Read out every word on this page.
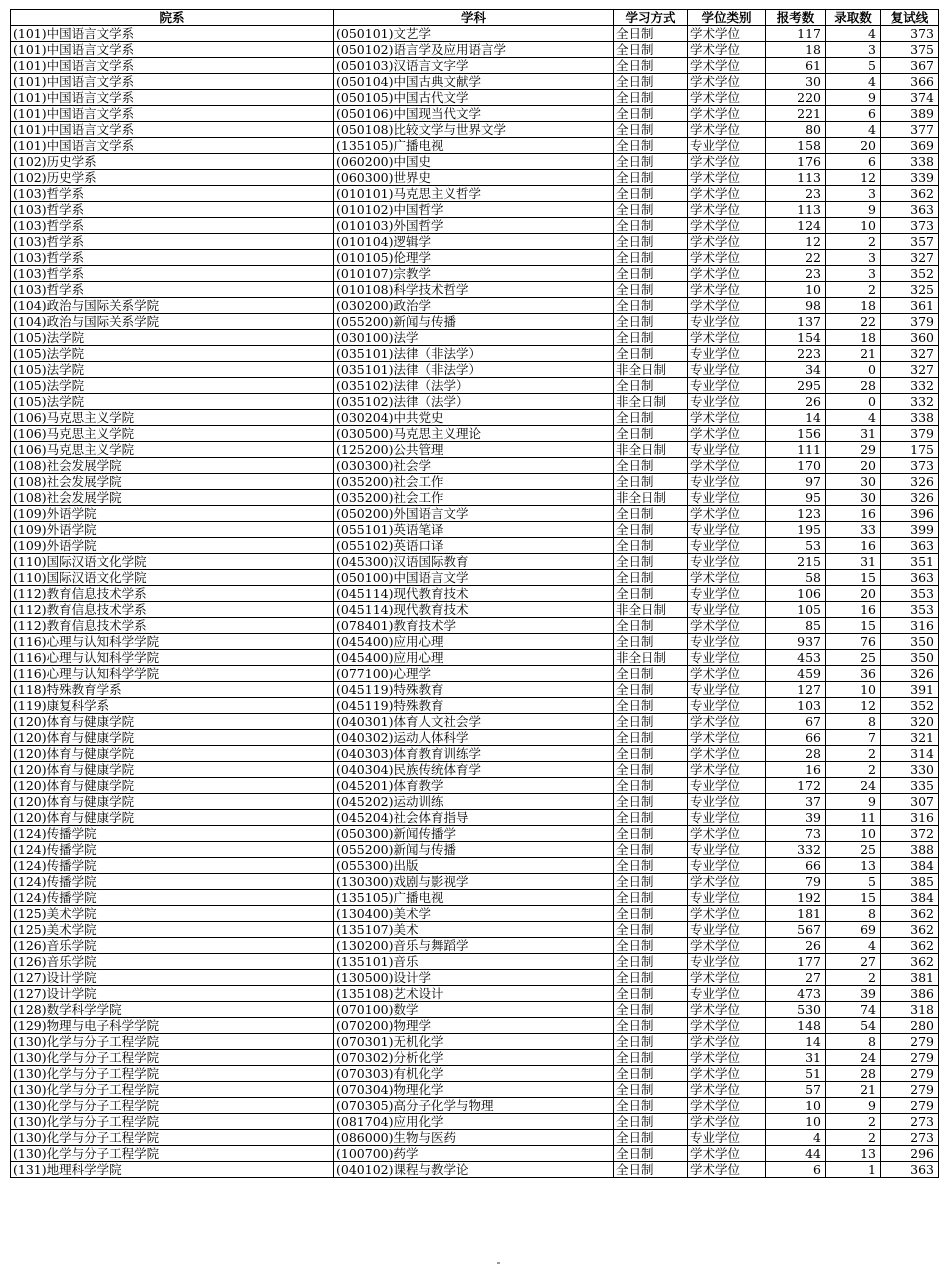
院系	学科	学习方式	学位类别	报考数	录取数	复试线
(101)中国语言文学系	(050101)文艺学	全日制	学术学位	117	4	373
(101)中国语言文学系	(050102)语言学及应用语言学	全日制	学术学位	18	3	375
(101)中国语言文学系	(050103)汉语言文字学	全日制	学术学位	61	5	367
(101)中国语言文学系	(050104)中国古典文献学	全日制	学术学位	30	4	366
(101)中国语言文学系	(050105)中国古代文学	全日制	学术学位	220	9	374
(101)中国语言文学系	(050106)中国现当代文学	全日制	学术学位	221	6	389
(101)中国语言文学系	(050108)比较文学与世界文学	全日制	学术学位	80	4	377
(101)中国语言文学系	(135105)广播电视	全日制	专业学位	158	20	369
(102)历史学系	(060200)中国史	全日制	学术学位	176	6	338
(102)历史学系	(060300)世界史	全日制	学术学位	113	12	339
(103)哲学系	(010101)马克思主义哲学	全日制	学术学位	23	3	362
(103)哲学系	(010102)中国哲学	全日制	学术学位	113	9	363
(103)哲学系	(010103)外国哲学	全日制	学术学位	124	10	373
(103)哲学系	(010104)逻辑学	全日制	学术学位	12	2	357
(103)哲学系	(010105)伦理学	全日制	学术学位	22	3	327
(103)哲学系	(010107)宗教学	全日制	学术学位	23	3	352
(103)哲学系	(010108)科学技术哲学	全日制	学术学位	10	2	325
(104)政治与国际关系学院	(030200)政治学	全日制	学术学位	98	18	361
(104)政治与国际关系学院	(055200)新闻与传播	全日制	专业学位	137	22	379
(105)法学院	(030100)法学	全日制	学术学位	154	18	360
(105)法学院	(035101)法律（非法学）	全日制	专业学位	223	21	327
(105)法学院	(035101)法律（非法学）	非全日制	专业学位	34	0	327
(105)法学院	(035102)法律（法学）	全日制	专业学位	295	28	332
(105)法学院	(035102)法律（法学）	非全日制	专业学位	26	0	332
(106)马克思主义学院	(030204)中共党史	全日制	学术学位	14	4	338
(106)马克思主义学院	(030500)马克思主义理论	全日制	学术学位	156	31	379
(106)马克思主义学院	(125200)公共管理	非全日制	专业学位	111	29	175
(108)社会发展学院	(030300)社会学	全日制	学术学位	170	20	373
(108)社会发展学院	(035200)社会工作	全日制	专业学位	97	30	326
(108)社会发展学院	(035200)社会工作	非全日制	专业学位	95	30	326
(109)外语学院	(050200)外国语言文学	全日制	学术学位	123	16	396
(109)外语学院	(055101)英语笔译	全日制	专业学位	195	33	399
(109)外语学院	(055102)英语口译	全日制	专业学位	53	16	363
(110)国际汉语文化学院	(045300)汉语国际教育	全日制	专业学位	215	31	351
(110)国际汉语文化学院	(050100)中国语言文学	全日制	学术学位	58	15	363
(112)教育信息技术学系	(045114)现代教育技术	全日制	专业学位	106	20	353
(112)教育信息技术学系	(045114)现代教育技术	非全日制	专业学位	105	16	353
(112)教育信息技术学系	(078401)教育技术学	全日制	学术学位	85	15	316
(116)心理与认知科学学院	(045400)应用心理	全日制	专业学位	937	76	350
(116)心理与认知科学学院	(045400)应用心理	非全日制	专业学位	453	25	350
(116)心理与认知科学学院	(077100)心理学	全日制	学术学位	459	36	326
(118)特殊教育学系	(045119)特殊教育	全日制	专业学位	127	10	391
(119)康复科学系	(045119)特殊教育	全日制	专业学位	103	12	352
(120)体育与健康学院	(040301)体育人文社会学	全日制	学术学位	67	8	320
(120)体育与健康学院	(040302)运动人体科学	全日制	学术学位	66	7	321
(120)体育与健康学院	(040303)体育教育训练学	全日制	学术学位	28	2	314
(120)体育与健康学院	(040304)民族传统体育学	全日制	学术学位	16	2	330
(120)体育与健康学院	(045201)体育教学	全日制	专业学位	172	24	335
(120)体育与健康学院	(045202)运动训练	全日制	专业学位	37	9	307
(120)体育与健康学院	(045204)社会体育指导	全日制	专业学位	39	11	316
(124)传播学院	(050300)新闻传播学	全日制	学术学位	73	10	372
(124)传播学院	(055200)新闻与传播	全日制	专业学位	332	25	388
(124)传播学院	(055300)出版	全日制	专业学位	66	13	384
(124)传播学院	(130300)戏剧与影视学	全日制	学术学位	79	5	385
(124)传播学院	(135105)广播电视	全日制	专业学位	192	15	384
(125)美术学院	(130400)美术学	全日制	学术学位	181	8	362
(125)美术学院	(135107)美术	全日制	专业学位	567	69	362
(126)音乐学院	(130200)音乐与舞蹈学	全日制	学术学位	26	4	362
(126)音乐学院	(135101)音乐	全日制	专业学位	177	27	362
(127)设计学院	(130500)设计学	全日制	学术学位	27	2	381
(127)设计学院	(135108)艺术设计	全日制	专业学位	473	39	386
(128)数学科学学院	(070100)数学	全日制	学术学位	530	74	318
(129)物理与电子科学学院	(070200)物理学	全日制	学术学位	148	54	280
(130)化学与分子工程学院	(070301)无机化学	全日制	学术学位	14	8	279
(130)化学与分子工程学院	(070302)分析化学	全日制	学术学位	31	24	279
(130)化学与分子工程学院	(070303)有机化学	全日制	学术学位	51	28	279
(130)化学与分子工程学院	(070304)物理化学	全日制	学术学位	57	21	279
(130)化学与分子工程学院	(070305)高分子化学与物理	全日制	学术学位	10	9	279
(130)化学与分子工程学院	(081704)应用化学	全日制	学术学位	10	2	273
(130)化学与分子工程学院	(086000)生物与医药	全日制	专业学位	4	2	273
(130)化学与分子工程学院	(100700)药学	全日制	学术学位	44	13	296
(131)地理科学学院	(040102)课程与教学论	全日制	学术学位	6	1	363
